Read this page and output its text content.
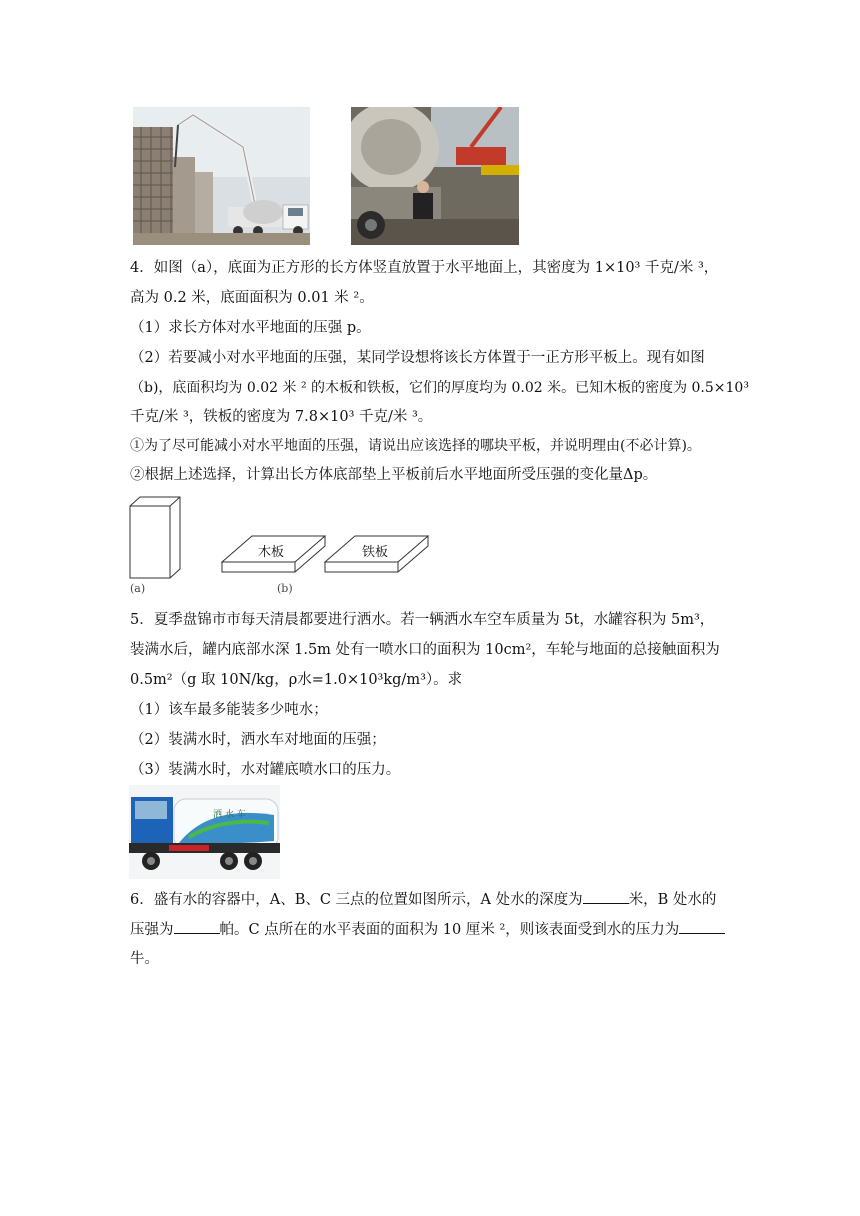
4．如图（a），底面为正方形的长方体竖直放置于水平地面上，其密度为 1×10³ 千克/米 ³，
高为 0.2 米，底面面积为 0.01 米 ²。
（1）求长方体对水平地面的压强 p。
（2）若要减小对水平地面的压强，某同学设想将该长方体置于一正方形平板上。现有如图
（b)，底面积均为 0.02 米 ² 的木板和铁板，它们的厚度均为 0.02 米。已知木板的密度为 0.5×10³
千克/米 ³，铁板的密度为 7.8×10³ 千克/米 ³。
①为了尽可能减小对水平地面的压强，请说出应该选择的哪块平板，并说明理由(不必计算)。
②根据上述选择，计算出长方体底部垫上平板前后水平地面所受压强的变化量Δp。
木板	铁板
(a)	(b)
5．夏季盘锦市市每天清晨都要进行洒水。若一辆洒水车空车质量为 5t，水罐容积为 5m³，
装满水后，罐内底部水深 1.5m 处有一喷水口的面积为 10cm²，车轮与地面的总接触面积为
0.5m²（g 取 10N/kg，ρ水=1.0×10³kg/m³）。求
（1）该车最多能装多少吨水；
（2）装满水时，洒水车对地面的压强；
（3）装满水时，水对罐底喷水口的压力。
洒 水 车
6．盛有水的容器中，A、B、C 三点的位置如图所示，A 处水的深度为	米，B 处水的
压强为	帕。C 点所在的水平表面的面积为 10 厘米 ²，则该表面受到水的压力为
牛。
